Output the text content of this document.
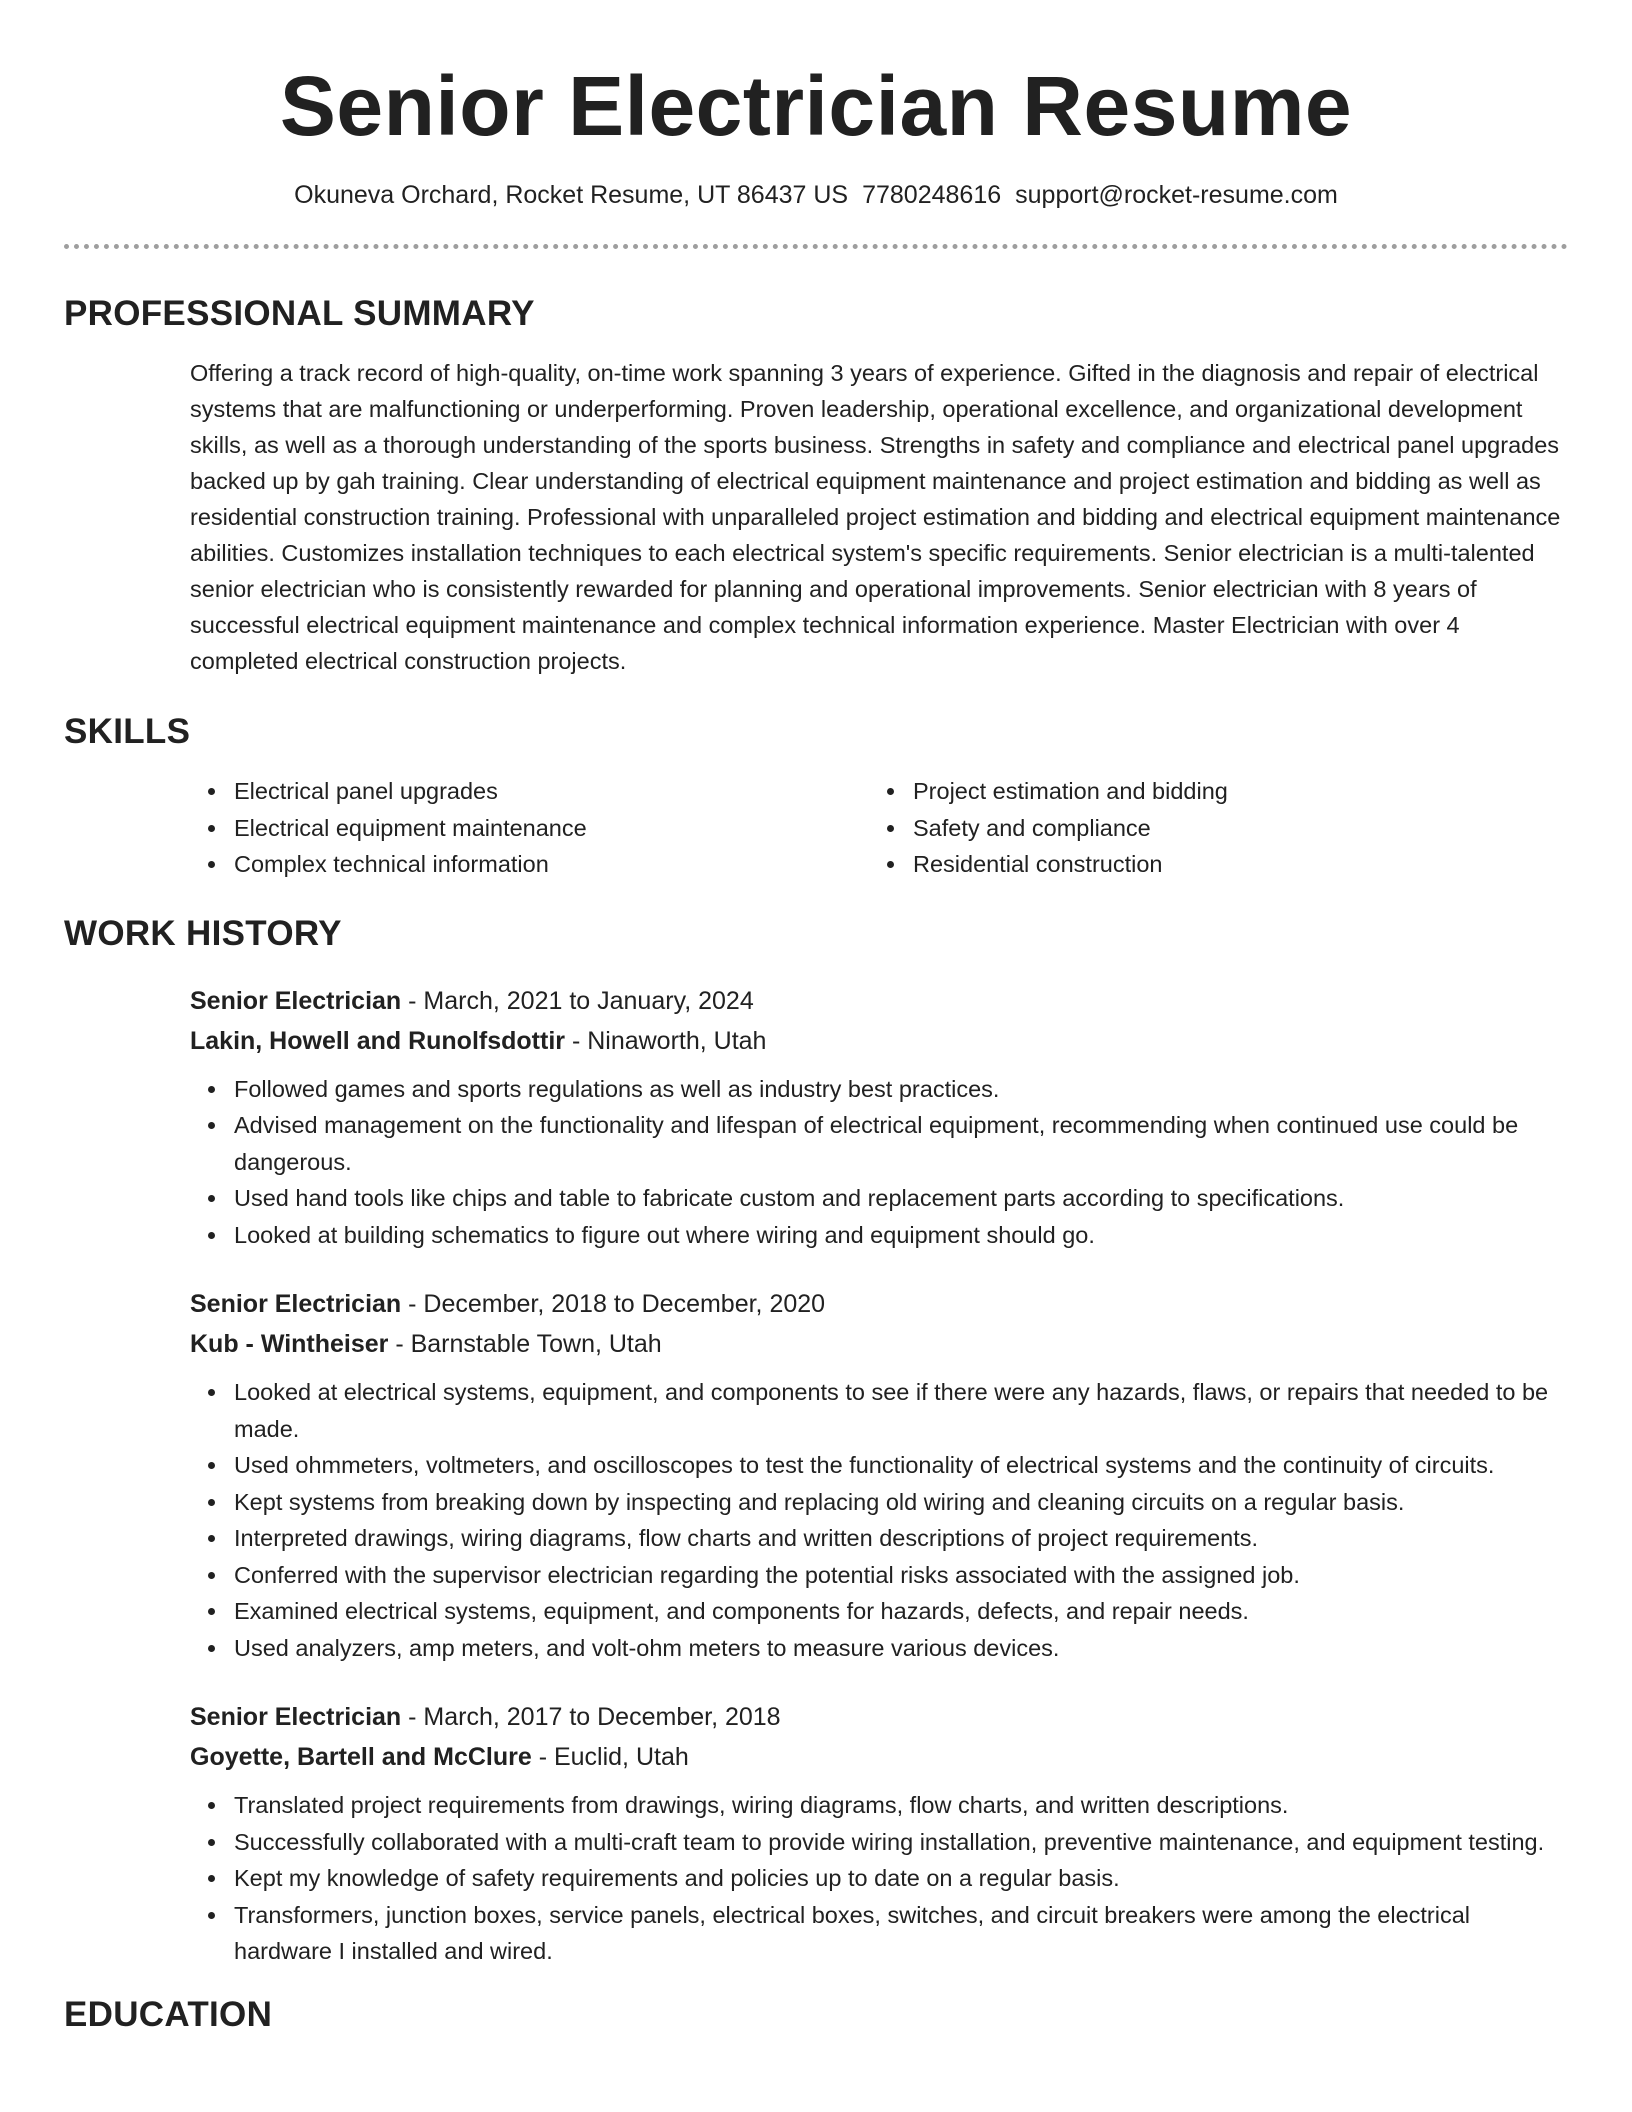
Senior Electrician Resume
Okuneva Orchard, Rocket Resume, UT 86437 US 7780248616 support@rocket-resume.com
PROFESSIONAL SUMMARY

Offering a track record of high-quality, on-time work spanning 3 years of experience. Gifted in the diagnosis and repair of electrical systems that are malfunctioning or underperforming. Proven leadership, operational excellence, and organizational development skills, as well as a thorough understanding of the sports business. Strengths in safety and compliance and electrical panel upgrades backed up by gah training. Clear understanding of electrical equipment maintenance and project estimation and bidding as well as residential construction training. Professional with unparalleled project estimation and bidding and electrical equipment maintenance abilities. Customizes installation techniques to each electrical system's specific requirements. Senior electrician is a multi-talented senior electrician who is consistently rewarded for planning and operational improvements. Senior electrician with 8 years of successful electrical equipment maintenance and complex technical information experience. Master Electrician with over 4 completed electrical construction projects.

SKILLS
Electrical panel upgrades
Electrical equipment maintenance
Complex technical information
Project estimation and bidding
Safety and compliance
Residential construction
WORK HISTORY
Senior Electrician - March, 2021 to January, 2024
Lakin, Howell and Runolfsdottir - Ninaworth, Utah
Followed games and sports regulations as well as industry best practices.
Advised management on the functionality and lifespan of electrical equipment, recommending when continued use could be dangerous.
Used hand tools like chips and table to fabricate custom and replacement parts according to specifications.
Looked at building schematics to figure out where wiring and equipment should go.
Senior Electrician - December, 2018 to December, 2020
Kub - Wintheiser - Barnstable Town, Utah
Looked at electrical systems, equipment, and components to see if there were any hazards, flaws, or repairs that needed to be made.
Used ohmmeters, voltmeters, and oscilloscopes to test the functionality of electrical systems and the continuity of circuits.
Kept systems from breaking down by inspecting and replacing old wiring and cleaning circuits on a regular basis.
Interpreted drawings, wiring diagrams, flow charts and written descriptions of project requirements.
Conferred with the supervisor electrician regarding the potential risks associated with the assigned job.
Examined electrical systems, equipment, and components for hazards, defects, and repair needs.
Used analyzers, amp meters, and volt-ohm meters to measure various devices.
Senior Electrician - March, 2017 to December, 2018
Goyette, Bartell and McClure - Euclid, Utah
Translated project requirements from drawings, wiring diagrams, flow charts, and written descriptions.
Successfully collaborated with a multi-craft team to provide wiring installation, preventive maintenance, and equipment testing.
Kept my knowledge of safety requirements and policies up to date on a regular basis.
Transformers, junction boxes, service panels, electrical boxes, switches, and circuit breakers were among the electrical hardware I installed and wired.
EDUCATION
